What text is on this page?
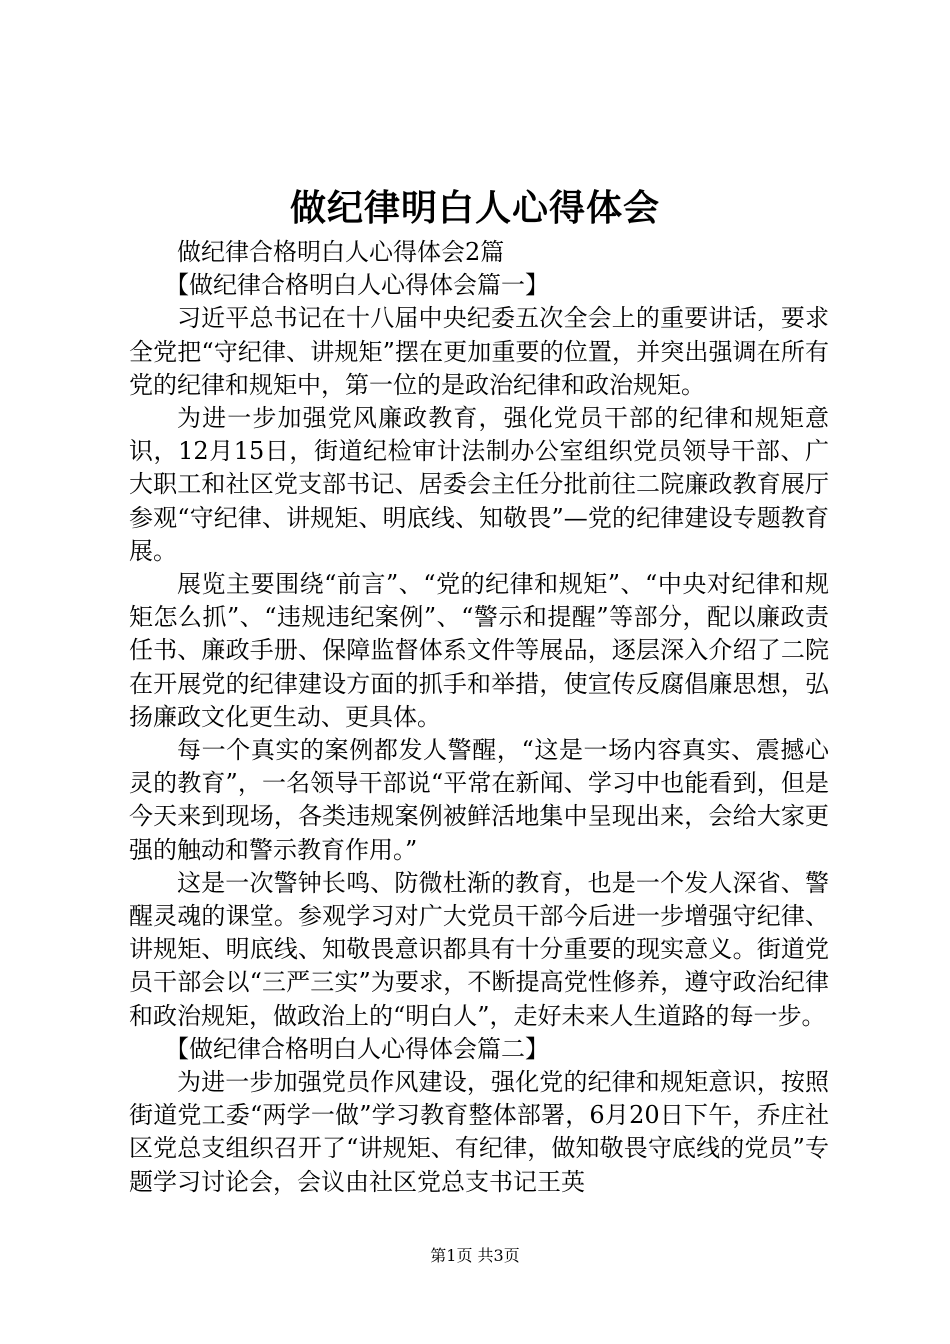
做纪律明白人心得体会

做纪律合格明白人心得体会2篇

【做纪律合格明白人心得体会篇一】

习近平总书记在十八届中央纪委五次全会上的重要讲话，要求全党把“守纪律、讲规矩”摆在更加重要的位置，并突出强调在所有党的纪律和规矩中，第一位的是政治纪律和政治规矩。

为进一步加强党风廉政教育，强化党员干部的纪律和规矩意识，12月15日，街道纪检审计法制办公室组织党员领导干部、广大职工和社区党支部书记、居委会主任分批前往二院廉政教育展厅参观“守纪律、讲规矩、明底线、知敬畏”—党的纪律建设专题教育展。

展览主要围绕“前言”、“党的纪律和规矩”、“中央对纪律和规矩怎么抓”、“违规违纪案例”、“警示和提醒”等部分，配以廉政责任书、廉政手册、保障监督体系文件等展品，逐层深入介绍了二院在开展党的纪律建设方面的抓手和举措，使宣传反腐倡廉思想，弘扬廉政文化更生动、更具体。

每一个真实的案例都发人警醒，“这是一场内容真实、震撼心灵的教育”，一名领导干部说“平常在新闻、学习中也能看到，但是今天来到现场，各类违规案例被鲜活地集中呈现出来，会给大家更强的触动和警示教育作用。”

这是一次警钟长鸣、防微杜渐的教育，也是一个发人深省、警醒灵魂的课堂。参观学习对广大党员干部今后进一步增强守纪律、讲规矩、明底线、知敬畏意识都具有十分重要的现实意义。街道党员干部会以“三严三实”为要求，不断提高党性修养，遵守政治纪律和政治规矩，做政治上的“明白人”，走好未来人生道路的每一步。

【做纪律合格明白人心得体会篇二】

为进一步加强党员作风建设，强化党的纪律和规矩意识，按照街道党工委“两学一做”学习教育整体部署，6月20日下午，乔庄社区党总支组织召开了“讲规矩、有纪律，做知敬畏守底线的党员”专题学习讨论会，会议由社区党总支书记王英

第1页 共3页
